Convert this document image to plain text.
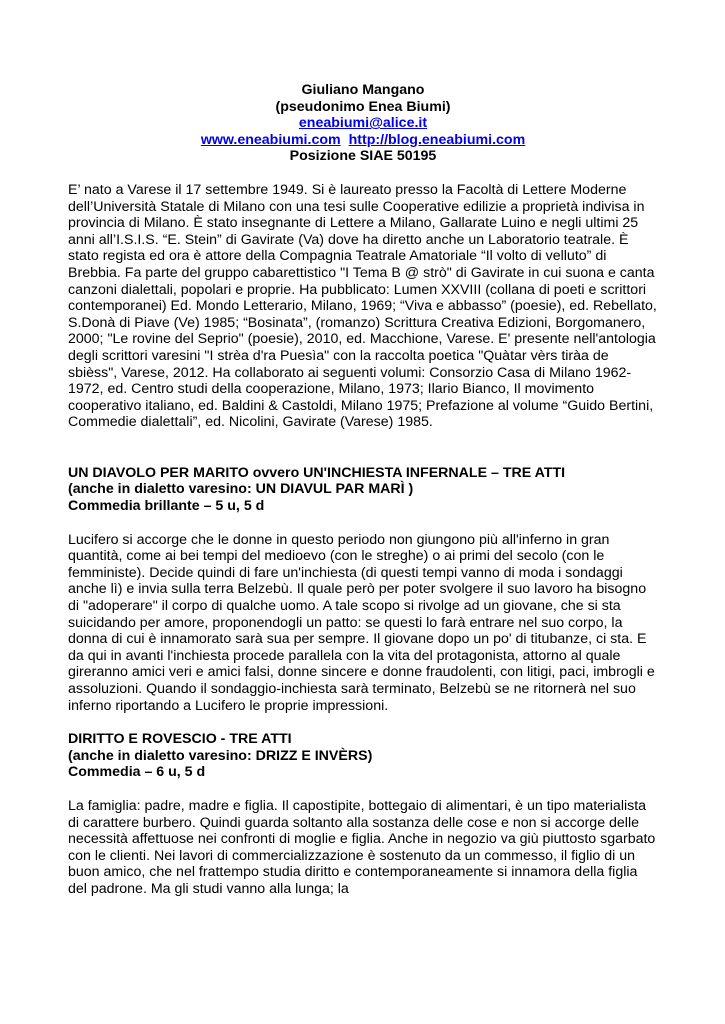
Giuliano Mangano
(pseudonimo Enea Biumi)
eneabiumi@alice.it
www.eneabiumi.com http://blog.eneabiumi.com
Posizione SIAE 50195

E’ nato a Varese il 17 settembre 1949. Si è laureato presso la Facoltà di Lettere Moderne dell’Università Statale di Milano con una tesi sulle Cooperative edilizie a proprietà indivisa in provincia di Milano. È stato insegnante di Lettere a Milano, Gallarate Luino e negli ultimi 25 anni all’I.S.I.S. “E. Stein” di Gavirate (Va) dove ha diretto anche un Laboratorio teatrale. È stato regista ed ora è attore della Compagnia Teatrale Amatoriale “Il volto di velluto” di Brebbia. Fa parte del gruppo cabarettistico "I Tema B @ strò" di Gavirate in cui suona e canta canzoni dialettali, popolari e proprie. Ha pubblicato: Lumen XXVIII (collana di poeti e scrittori contemporanei) Ed. Mondo Letterario, Milano, 1969; “Viva e abbasso” (poesie), ed. Rebellato, S.Donà di Piave (Ve) 1985; “Bosinata”, (romanzo) Scrittura Creativa Edizioni, Borgomanero, 2000; "Le rovine del Seprio" (poesie), 2010, ed. Macchione, Varese. E' presente nell'antologia degli scrittori varesini "I strèa d'ra Puesìa" con la raccolta poetica "Quàtar vèrs tiràa de sbièss", Varese, 2012. Ha collaborato ai seguenti volumi: Consorzio Casa di Milano 1962-1972, ed. Centro studi della cooperazione, Milano, 1973; Ilario Bianco, Il movimento cooperativo italiano, ed. Baldini & Castoldi, Milano 1975; Prefazione al volume “Guido Bertini, Commedie dialettali”, ed. Nicolini, Gavirate (Varese) 1985.

UN DIAVOLO PER MARITO ovvero UN'INCHIESTA INFERNALE – TRE ATTI
(anche in dialetto varesino: UN DIAVUL PAR MARÌ )
Commedia brillante – 5 u, 5 d

Lucifero si accorge che le donne in questo periodo non giungono più all'inferno in gran quantità, come ai bei tempi del medioevo (con le streghe) o ai primi del secolo (con le femministe). Decide quindi di fare un'inchiesta (di questi tempi vanno di moda i sondaggi anche lì) e invia sulla terra Belzebù. Il quale però per poter svolgere il suo lavoro ha bisogno di "adoperare" il corpo di qualche uomo. A tale scopo si rivolge ad un giovane, che si sta suicidando per amore, proponendogli un patto: se questi lo farà entrare nel suo corpo, la donna di cui è innamorato sarà sua per sempre. Il giovane dopo un po' di titubanze, ci sta. E da qui in avanti l'inchiesta procede parallela con la vita del protagonista, attorno al quale gireranno amici veri e amici falsi, donne sincere e donne fraudolenti, con litigi, paci, imbrogli e assoluzioni. Quando il sondaggio-inchiesta sarà terminato, Belzebù se ne ritornerà nel suo inferno riportando a Lucifero le proprie impressioni.

DIRITTO E ROVESCIO - TRE ATTI
(anche in dialetto varesino: DRIZZ E INVÈRS)
Commedia – 6 u, 5 d

La famiglia: padre, madre e figlia. Il capostipite, bottegaio di alimentari, è un tipo materialista di carattere burbero. Quindi guarda soltanto alla sostanza delle cose e non si accorge delle necessità affettuose nei confronti di moglie e figlia. Anche in negozio va giù piuttosto sgarbato con le clienti. Nei lavori di commercializzazione è sostenuto da un commesso, il figlio di un buon amico, che nel frattempo studia diritto e contemporaneamente si innamora della figlia del padrone. Ma gli studi vanno alla lunga; la
